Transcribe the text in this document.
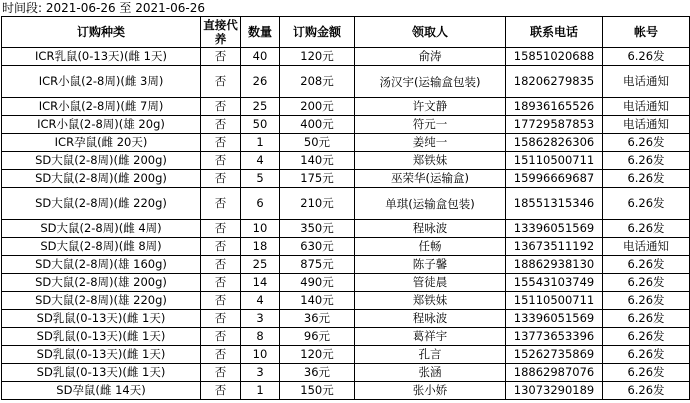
时间段: 2021-06-26 至 2021-06-26
订购种类	直接代养	数量	订购金额	领取人	联系电话	帐号
ICR乳鼠(0-13天)(雌 1天)	否	40	120元	俞涛	15851020688	6.26发
ICR小鼠(2-8周)(雌 3周)	否	26	208元	汤汉宇(运输盒包装)	18206279835	电话通知
ICR小鼠(2-8周)(雌 7周)	否	25	200元	许文静	18936165526	电话通知
ICR小鼠(2-8周)(雄 20g)	否	50	400元	符元一	17729587853	电话通知
ICR孕鼠(雌 20天)	否	1	50元	姜纯一	15862826306	6.26发
SD大鼠(2-8周)(雌 200g)	否	4	140元	郑铁妹	15110500711	6.26发
SD大鼠(2-8周)(雌 200g)	否	5	175元	巫荣华(运输盒)	15996669687	6.26发
SD大鼠(2-8周)(雌 220g)	否	6	210元	单琪(运输盒包装)	18551315346	6.26发
SD大鼠(2-8周)(雌 4周)	否	10	350元	程咏波	13396051569	6.26发
SD大鼠(2-8周)(雌 8周)	否	18	630元	任畅	13673511192	电话通知
SD大鼠(2-8周)(雄 160g)	否	25	875元	陈子馨	18862938130	6.26发
SD大鼠(2-8周)(雄 200g)	否	14	490元	管徒晨	15543103749	6.26发
SD大鼠(2-8周)(雄 220g)	否	4	140元	郑铁妹	15110500711	6.26发
SD乳鼠(0-13天)(雌 1天)	否	3	36元	程咏波	13396051569	6.26发
SD乳鼠(0-13天)(雌 1天)	否	8	96元	葛祥宇	13773653396	6.26发
SD乳鼠(0-13天)(雌 1天)	否	10	120元	孔言	15262735869	6.26发
SD乳鼠(0-13天)(雌 1天)	否	3	36元	张涵	18862987076	6.26发
SD孕鼠(雌 14天)	否	1	150元	张小娇	13073290189	6.26发
